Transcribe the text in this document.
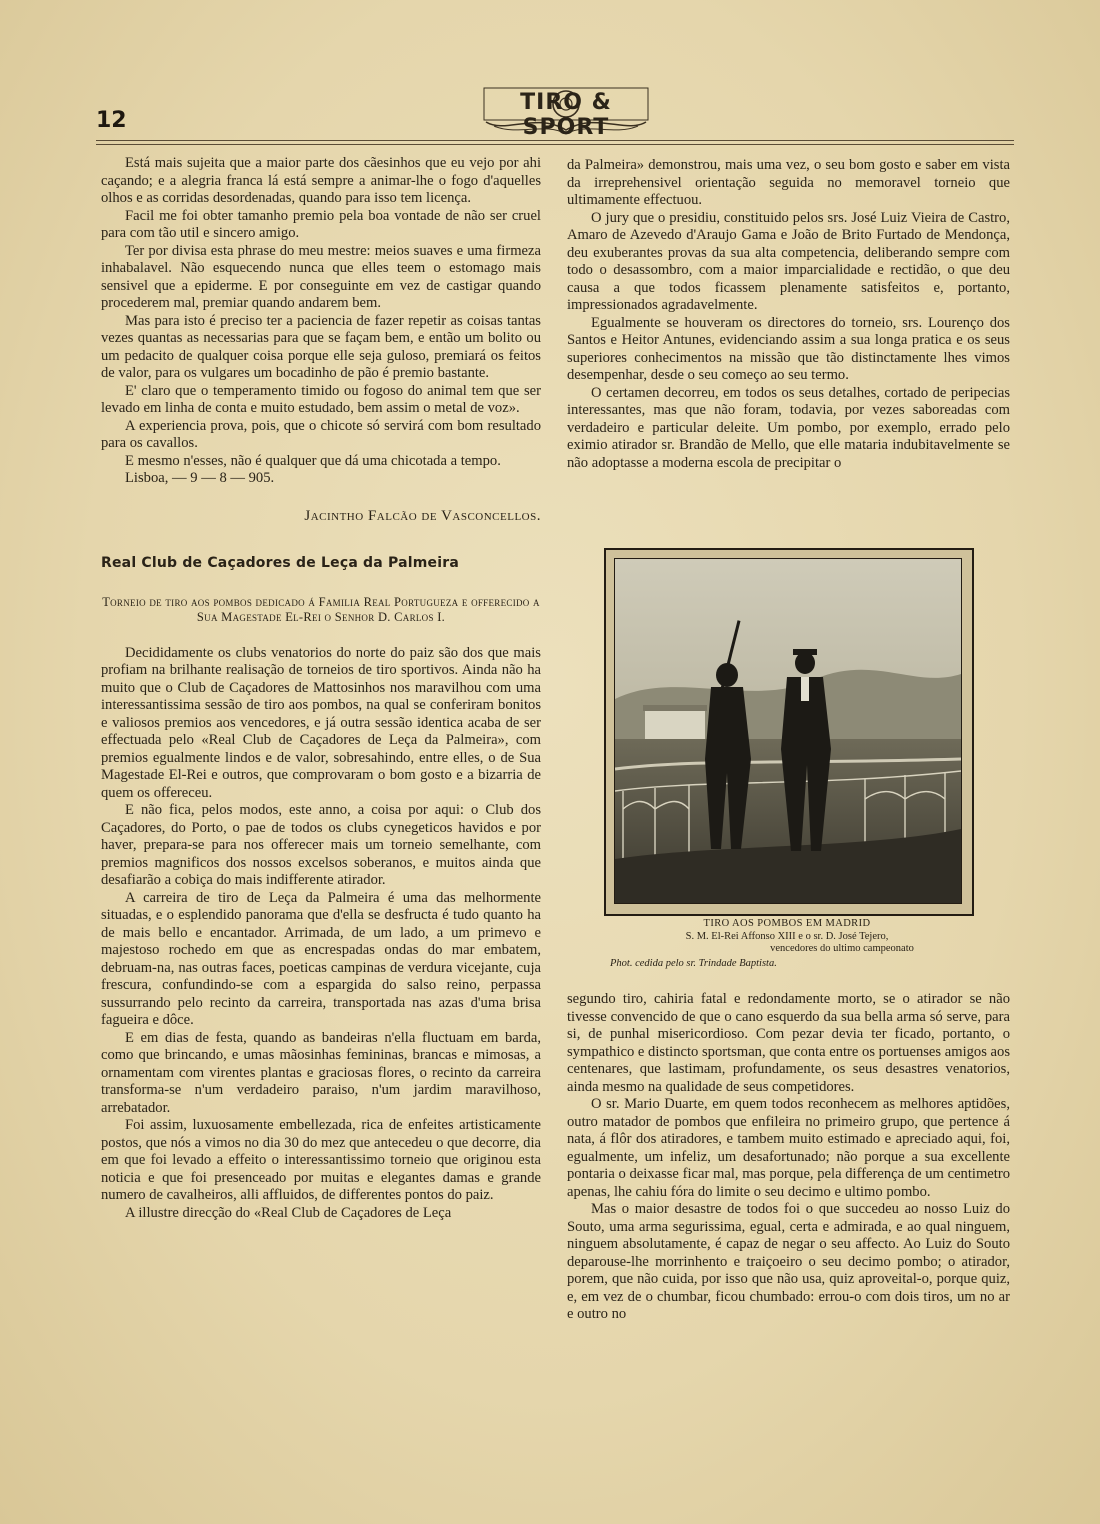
12
TIRO & SPORT

Está mais sujeita que a maior parte dos cãesinhos que eu vejo por ahi caçando; e a alegria franca lá está sempre a animar-lhe o fogo d'aquelles olhos e as corridas desordenadas, quando para isso tem licença.

Facil me foi obter tamanho premio pela boa vontade de não ser cruel para com tão util e sincero amigo.

Ter por divisa esta phrase do meu mestre: meios suaves e uma firmeza inhabalavel. Não esquecendo nunca que elles teem o estomago mais sensivel que a epiderme. E por conseguinte em vez de castigar quando procederem mal, premiar quando andarem bem.

Mas para isto é preciso ter a paciencia de fazer repetir as coisas tantas vezes quantas as necessarias para que se façam bem, e então um bolito ou um pedacito de qualquer coisa porque elle seja guloso, premiará os feitos de valor, para os vulgares um bocadinho de pão é premio bastante.

E' claro que o temperamento timido ou fogoso do animal tem que ser levado em linha de conta e muito estudado, bem assim o metal de voz».

A experiencia prova, pois, que o chicote só servirá com bom resultado para os cavallos.

E mesmo n'esses, não é qualquer que dá uma chicotada a tempo.

Lisboa, — 9 — 8 — 905.

Jacintho Falcão de Vasconcellos.

Real Club de Caçadores de Leça da Palmeira

Torneio de tiro aos pombos dedicado á Familia Real Portugueza e offerecido a Sua Magestade El-Rei o Senhor D. Carlos I.

Decididamente os clubs venatorios do norte do paiz são dos que mais profiam na brilhante realisação de torneios de tiro sportivos. Ainda não ha muito que o Club de Caçadores de Mattosinhos nos maravilhou com uma interessantissima sessão de tiro aos pombos, na qual se conferiram bonitos e valiosos premios aos vencedores, e já outra sessão identica acaba de ser effectuada pelo «Real Club de Caçadores de Leça da Palmeira», com premios egualmente lindos e de valor, sobresahindo, entre elles, o de Sua Magestade El-Rei e outros, que comprovaram o bom gosto e a bizarria de quem os offereceu.

E não fica, pelos modos, este anno, a coisa por aqui: o Club dos Caçadores, do Porto, o pae de todos os clubs cynegeticos havidos e por haver, prepara-se para nos offerecer mais um torneio semelhante, com premios magnificos dos nossos excelsos soberanos, e muitos ainda que desafiarão a cobiça do mais indifferente atirador.

A carreira de tiro de Leça da Palmeira é uma das melhormente situadas, e o esplendido panorama que d'ella se desfructa é tudo quanto ha de mais bello e encantador. Arrimada, de um lado, a um primevo e majestoso rochedo em que as encrespadas ondas do mar embatem, debruam-na, nas outras faces, poeticas campinas de verdura vicejante, cuja frescura, confundindo-se com a espargida do salso reino, perpassa sussurrando pelo recinto da carreira, transportada nas azas d'uma brisa fagueira e dôce.

E em dias de festa, quando as bandeiras n'ella fluctuam em barda, como que brincando, e umas mãosinhas femininas, brancas e mimosas, a ornamentam com virentes plantas e graciosas flores, o recinto da carreira transforma-se n'um verdadeiro paraiso, n'um jardim maravilhoso, arrebatador.

Foi assim, luxuosamente embellezada, rica de enfeites artisticamente postos, que nós a vimos no dia 30 do mez que antecedeu o que decorre, dia em que foi levado a effeito o interessantissimo torneio que originou esta noticia e que foi presenceado por muitas e elegantes damas e grande numero de cavalheiros, alli affluidos, de differentes pontos do paiz.

A illustre direcção do «Real Club de Caçadores de Leça

da Palmeira» demonstrou, mais uma vez, o seu bom gosto e saber em vista da irreprehensivel orientação seguida no memoravel torneio que ultimamente effectuou.

O jury que o presidiu, constituido pelos srs. José Luiz Vieira de Castro, Amaro de Azevedo d'Araujo Gama e João de Brito Furtado de Mendonça, deu exuberantes provas da sua alta competencia, deliberando sempre com todo o desassombro, com a maior imparcialidade e rectidão, o que deu causa a que todos ficassem plenamente satisfeitos e, portanto, impressionados agradavelmente.

Egualmente se houveram os directores do torneio, srs. Lourenço dos Santos e Heitor Antunes, evidenciando assim a sua longa pratica e os seus superiores conhecimentos na missão que tão distinctamente lhes vimos desempenhar, desde o seu começo ao seu termo.

O certamen decorreu, em todos os seus detalhes, cortado de peripecias interessantes, mas que não foram, todavia, por vezes saboreadas com verdadeiro e particular deleite. Um pombo, por exemplo, errado pelo eximio atirador sr. Brandão de Mello, que elle mataria indubitavelmente se não adoptasse a moderna escola de precipitar o

TIRO AOS POMBOS EM MADRID
S. M. El-Rei Affonso XIII e o sr. D. José Tejero,
vencedores do ultimo campeonato
Phot. cedida pelo sr. Trindade Baptista.

segundo tiro, cahiria fatal e redondamente morto, se o atirador se não tivesse convencido de que o cano esquerdo da sua bella arma só serve, para si, de punhal misericordioso. Com pezar devia ter ficado, portanto, o sympathico e distincto sportsman, que conta entre os portuenses amigos aos centenares, que lastimam, profundamente, os seus desastres venatorios, ainda mesmo na qualidade de seus competidores.

O sr. Mario Duarte, em quem todos reconhecem as melhores aptidões, outro matador de pombos que enfileira no primeiro grupo, que pertence á nata, á flôr dos atiradores, e tambem muito estimado e apreciado aqui, foi, egualmente, um infeliz, um desafortunado; não porque a sua excellente pontaria o deixasse ficar mal, mas porque, pela differença de um centimetro apenas, lhe cahiu fóra do limite o seu decimo e ultimo pombo.

Mas o maior desastre de todos foi o que succedeu ao nosso Luiz do Souto, uma arma segurissima, egual, certa e admirada, e ao qual ninguem, ninguem absolutamente, é capaz de negar o seu affecto. Ao Luiz do Souto deparouse-lhe morrinhento e traiçoeiro o seu decimo pombo; o atirador, porem, que não cuida, por isso que não usa, quiz aproveital-o, porque quiz, e, em vez de o chumbar, ficou chumbado: errou-o com dois tiros, um no ar e outro no
